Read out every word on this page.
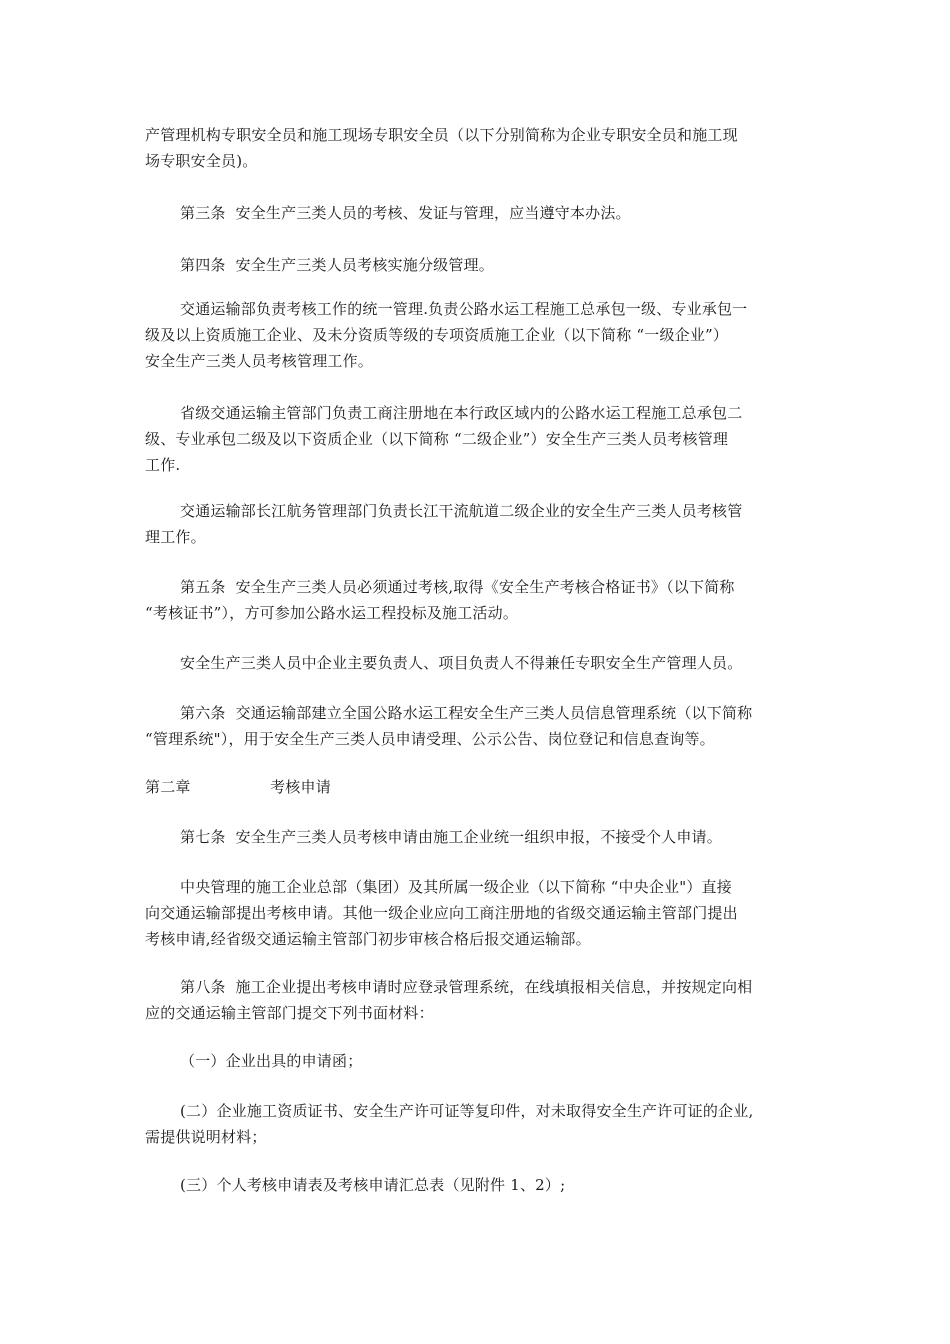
产管理机构专职安全员和施工现场专职安全员（以下分别简称为企业专职安全员和施工现
场专职安全员)。
第三条  安全生产三类人员的考核、发证与管理，应当遵守本办法。
第四条  安全生产三类人员考核实施分级管理。
交通运输部负责考核工作的统一管理.负责公路水运工程施工总承包一级、专业承包一
级及以上资质施工企业、及未分资质等级的专项资质施工企业（以下简称 “一级企业”）
安全生产三类人员考核管理工作。
省级交通运输主管部门负责工商注册地在本行政区域内的公路水运工程施工总承包二
级、专业承包二级及以下资质企业（以下简称 “二级企业”）安全生产三类人员考核管理
工作.
交通运输部长江航务管理部门负责长江干流航道二级企业的安全生产三类人员考核管
理工作。
第五条  安全生产三类人员必须通过考核,取得《安全生产考核合格证书》（以下简称
“考核证书”），方可参加公路水运工程投标及施工活动。
安全生产三类人员中企业主要负责人、项目负责人不得兼任专职安全生产管理人员。
第六条  交通运输部建立全国公路水运工程安全生产三类人员信息管理系统（以下简称
“管理系统"），用于安全生产三类人员申请受理、公示公告、岗位登记和信息查询等。
第二章                考核申请
第七条  安全生产三类人员考核申请由施工企业统一组织申报，不接受个人申请。
中央管理的施工企业总部（集团）及其所属一级企业（以下简称 “中央企业"）直接
向交通运输部提出考核申请。其他一级企业应向工商注册地的省级交通运输主管部门提出
考核申请,经省级交通运输主管部门初步审核合格后报交通运输部。
第八条  施工企业提出考核申请时应登录管理系统，在线填报相关信息，并按规定向相
应的交通运输主管部门提交下列书面材料：
（一）企业出具的申请函；
(二）企业施工资质证书、安全生产许可证等复印件，对未取得安全生产许可证的企业,
需提供说明材料；
(三）个人考核申请表及考核申请汇总表（见附件 1、2）;
